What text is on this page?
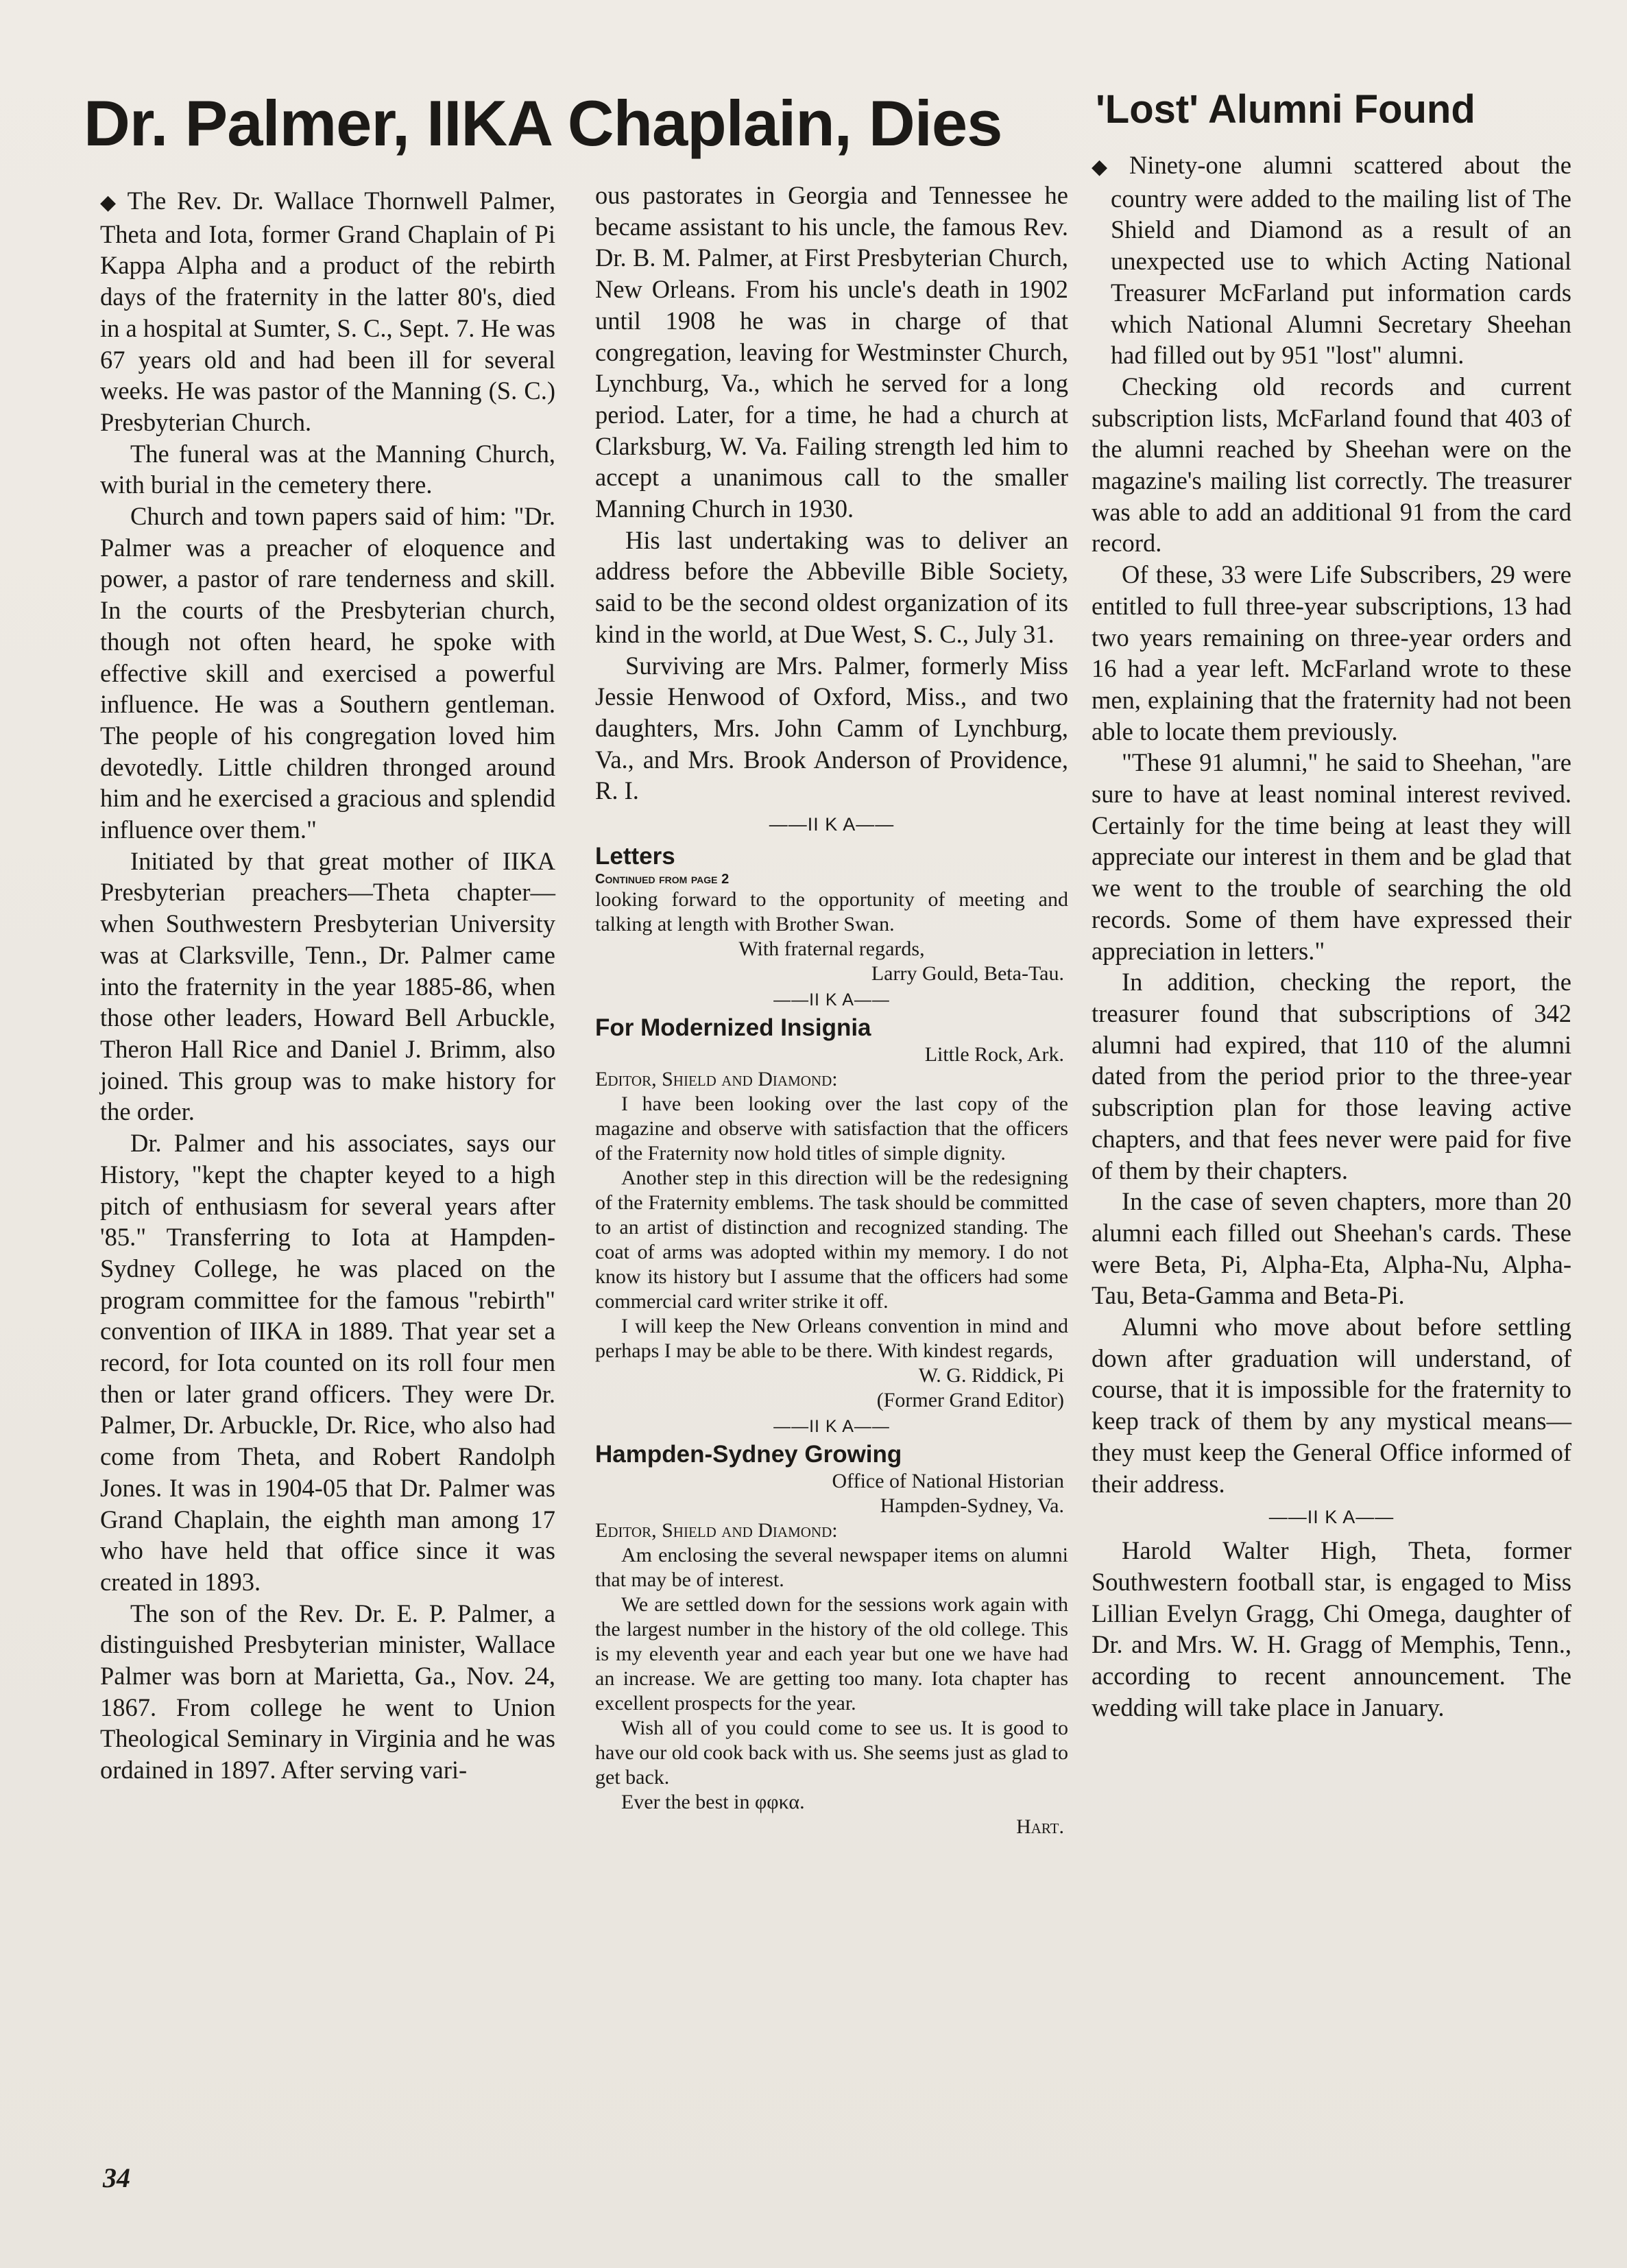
Dr. Palmer, IIKA Chaplain, Dies	'Lost' Alumni Found

◆ The Rev. Dr. Wallace Thornwell Palmer, Theta and Iota, former Grand Chaplain of Pi Kappa Alpha and a product of the rebirth days of the fraternity in the latter 80's, died in a hospital at Sumter, S. C., Sept. 7. He was 67 years old and had been ill for several weeks. He was pastor of the Manning (S. C.) Presbyterian Church.

The funeral was at the Manning Church, with burial in the cemetery there.

Church and town papers said of him: "Dr. Palmer was a preacher of eloquence and power, a pastor of rare tenderness and skill. In the courts of the Presbyterian church, though not often heard, he spoke with effective skill and exercised a powerful influence. He was a Southern gentleman. The people of his congregation loved him devotedly. Little children thronged around him and he exercised a gracious and splendid influence over them."

Initiated by that great mother of IIKA Presbyterian preachers—Theta chapter—when Southwestern Presbyterian University was at Clarksville, Tenn., Dr. Palmer came into the fraternity in the year 1885-86, when those other leaders, Howard Bell Arbuckle, Theron Hall Rice and Daniel J. Brimm, also joined. This group was to make history for the order.

Dr. Palmer and his associates, says our History, "kept the chapter keyed to a high pitch of enthusiasm for several years after '85." Transferring to Iota at Hampden-Sydney College, he was placed on the program committee for the famous "rebirth" convention of IIKA in 1889. That year set a record, for Iota counted on its roll four men then or later grand officers. They were Dr. Palmer, Dr. Arbuckle, Dr. Rice, who also had come from Theta, and Robert Randolph Jones. It was in 1904-05 that Dr. Palmer was Grand Chaplain, the eighth man among 17 who have held that office since it was created in 1893.

The son of the Rev. Dr. E. P. Palmer, a distinguished Presbyterian minister, Wallace Palmer was born at Marietta, Ga., Nov. 24, 1867. From college he went to Union Theological Seminary in Virginia and he was ordained in 1897. After serving vari-

ous pastorates in Georgia and Tennessee he became assistant to his uncle, the famous Rev. Dr. B. M. Palmer, at First Presbyterian Church, New Orleans. From his uncle's death in 1902 until 1908 he was in charge of that congregation, leaving for Westminster Church, Lynchburg, Va., which he served for a long period. Later, for a time, he had a church at Clarksburg, W. Va. Failing strength led him to accept a unanimous call to the smaller Manning Church in 1930.

His last undertaking was to deliver an address before the Abbeville Bible Society, said to be the second oldest organization of its kind in the world, at Due West, S. C., July 31.

Surviving are Mrs. Palmer, formerly Miss Jessie Henwood of Oxford, Miss., and two daughters, Mrs. John Camm of Lynchburg, Va., and Mrs. Brook Anderson of Providence, R. I.

——ΙΙ Κ Α——
Letters
Continued from page 2

looking forward to the opportunity of meeting and talking at length with Brother Swan.

With fraternal regards,

Larry Gould, Beta-Tau.

——ΙΙ Κ Α——
For Modernized Insignia

Little Rock, Ark.

Editor, Shield and Diamond:

I have been looking over the last copy of the magazine and observe with satisfaction that the officers of the Fraternity now hold titles of simple dignity.

Another step in this direction will be the redesigning of the Fraternity emblems. The task should be committed to an artist of distinction and recognized standing. The coat of arms was adopted within my memory. I do not know its history but I assume that the officers had some commercial card writer strike it off.

I will keep the New Orleans convention in mind and perhaps I may be able to be there. With kindest regards,

W. G. Riddick, Pi

(Former Grand Editor)

——ΙΙ Κ Α——
Hampden-Sydney Growing

Office of National Historian

Hampden-Sydney, Va.

Editor, Shield and Diamond:

Am enclosing the several newspaper items on alumni that may be of interest.

We are settled down for the sessions work again with the largest number in the history of the old college. This is my eleventh year and each year but one we have had an increase. We are getting too many. Iota chapter has excellent prospects for the year.

Wish all of you could come to see us. It is good to have our old cook back with us. She seems just as glad to get back.

Ever the best in φφκα.

Hart.

◆ Ninety-one alumni scattered about the country were added to the mailing list of The Shield and Diamond as a result of an unexpected use to which Acting National Treasurer McFarland put information cards which National Alumni Secretary Sheehan had filled out by 951 "lost" alumni.

Checking old records and current subscription lists, McFarland found that 403 of the alumni reached by Sheehan were on the magazine's mailing list correctly. The treasurer was able to add an additional 91 from the card record.

Of these, 33 were Life Subscribers, 29 were entitled to full three-year subscriptions, 13 had two years remaining on three-year orders and 16 had a year left. McFarland wrote to these men, explaining that the fraternity had not been able to locate them previously.

"These 91 alumni," he said to Sheehan, "are sure to have at least nominal interest revived. Certainly for the time being at least they will appreciate our interest in them and be glad that we went to the trouble of searching the old records. Some of them have expressed their appreciation in letters."

In addition, checking the report, the treasurer found that subscriptions of 342 alumni had expired, that 110 of the alumni dated from the period prior to the three-year subscription plan for those leaving active chapters, and that fees never were paid for five of them by their chapters.

In the case of seven chapters, more than 20 alumni each filled out Sheehan's cards. These were Beta, Pi, Alpha-Eta, Alpha-Nu, Alpha-Tau, Beta-Gamma and Beta-Pi.

Alumni who move about before settling down after graduation will understand, of course, that it is impossible for the fraternity to keep track of them by any mystical means—they must keep the General Office informed of their address.

——ΙΙ Κ Α——

Harold Walter High, Theta, former Southwestern football star, is engaged to Miss Lillian Evelyn Gragg, Chi Omega, daughter of Dr. and Mrs. W. H. Gragg of Memphis, Tenn., according to recent announcement. The wedding will take place in January.

34
